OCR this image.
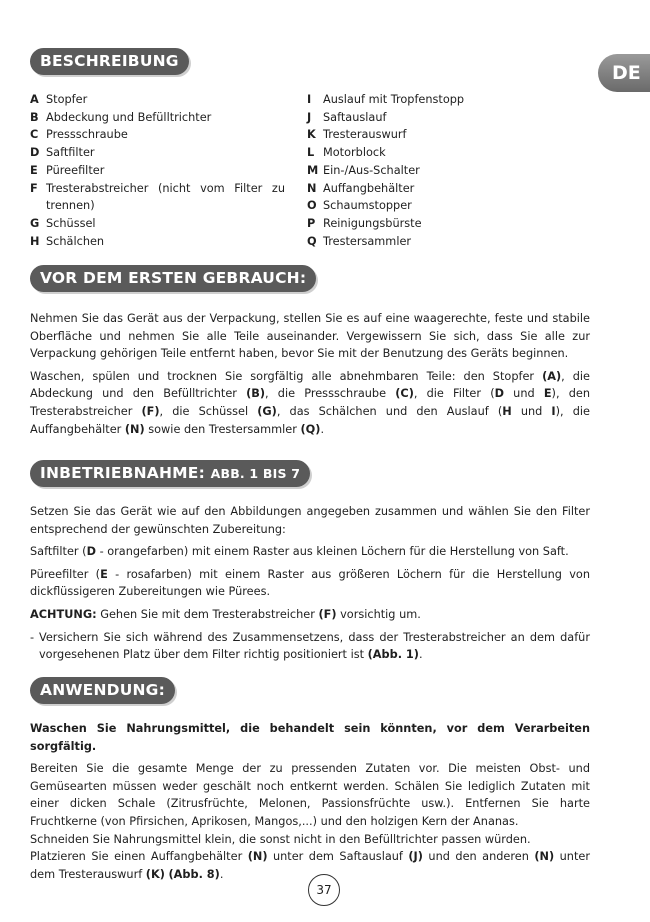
DE
BESCHREIBUNG
A Stopfer
B Abdeckung und Befülltrichter
C Pressschraube
D Saftfilter
E Püreefilter
F Tresterabstreicher (nicht vom Filter zu trennen)
G Schüssel
H Schälchen
I	Auslauf mit Tropfenstopp
J	Saftauslauf
K Tresterauswurf
L Motorblock
M Ein-/Aus-Schalter
N Auffangbehälter
O Schaumstopper
P Reinigungsbürste
Q Trestersammler
VOR DEM ERSTEN GEBRAUCH:

Nehmen Sie das Gerät aus der Verpackung, stellen Sie es auf eine waagerechte, feste und stabile Oberfläche und nehmen Sie alle Teile auseinander. Vergewissern Sie sich, dass Sie alle zur Verpackung gehörigen Teile entfernt haben, bevor Sie mit der Benutzung des Geräts beginnen.

Waschen, spülen und trocknen Sie sorgfältig alle abnehmbaren Teile: den Stopfer (A), die Abdeckung und den Befülltrichter (B), die Pressschraube (C), die Filter (D und E), den Tresterabstreicher (F), die Schüssel (G), das Schälchen und den Auslauf (H und I), die Auffangbehälter (N) sowie den Trestersammler (Q).

INBETRIEBNAHME: ABB. 1 BIS 7

Setzen Sie das Gerät wie auf den Abbildungen angegeben zusammen und wählen Sie den Filter entsprechend der gewünschten Zubereitung:

Saftfilter (D - orangefarben) mit einem Raster aus kleinen Löchern für die Herstellung von Saft.

Püreefilter (E - rosafarben) mit einem Raster aus größeren Löchern für die Herstellung von dickflüssigeren Zubereitungen wie Pürees.

ACHTUNG: Gehen Sie mit dem Tresterabstreicher (F) vorsichtig um.

- Versichern Sie sich während des Zusammensetzens, dass der Tresterabstreicher an dem dafür vorgesehenen Platz über dem Filter richtig positioniert ist (Abb. 1).

ANWENDUNG:

Waschen Sie Nahrungsmittel, die behandelt sein könnten, vor dem Verarbeiten sorgfältig.

Bereiten Sie die gesamte Menge der zu pressenden Zutaten vor. Die meisten Obst- und Gemüsearten müssen weder geschält noch entkernt werden. Schälen Sie lediglich Zutaten mit einer dicken Schale (Zitrusfrüchte, Melonen, Passionsfrüchte usw.). Entfernen Sie harte Fruchtkerne (von Pfirsichen, Aprikosen, Mangos,...) und den holzigen Kern der Ananas.

Schneiden Sie Nahrungsmittel klein, die sonst nicht in den Befülltrichter passen würden.

Platzieren Sie einen Auffangbehälter (N) unter dem Saftauslauf (J) und den anderen (N) unter dem Tresterauswurf (K) (Abb. 8).

37
